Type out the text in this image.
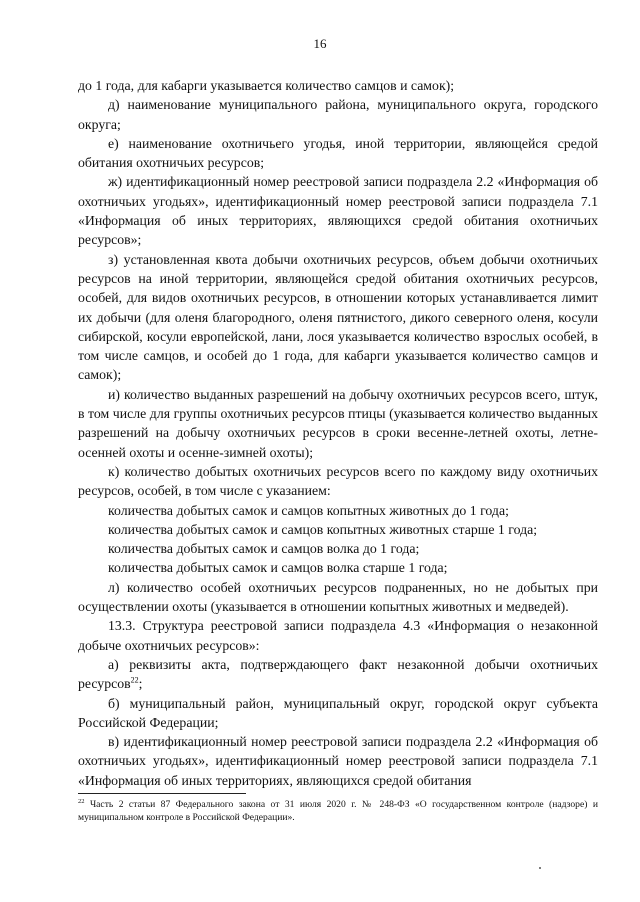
16

до 1 года, для кабарги указывается количество самцов и самок);

д) наименование муниципального района, муниципального округа, городского округа;

е) наименование охотничьего угодья, иной территории, являющейся средой обитания охотничьих ресурсов;

ж) идентификационный номер реестровой записи подраздела 2.2 «Информация об охотничьих угодьях», идентификационный номер реестровой записи подраздела 7.1 «Информация об иных территориях, являющихся средой обитания охотничьих ресурсов»;

з) установленная квота добычи охотничьих ресурсов, объем добычи охотничьих ресурсов на иной территории, являющейся средой обитания охотничьих ресурсов, особей, для видов охотничьих ресурсов, в отношении которых устанавливается лимит их добычи (для оленя благородного, оленя пятнистого, дикого северного оленя, косули сибирской, косули европейской, лани, лося указывается количество взрослых особей, в том числе самцов, и особей до 1 года, для кабарги указывается количество самцов и самок);

и) количество выданных разрешений на добычу охотничьих ресурсов всего, штук, в том числе для группы охотничьих ресурсов птицы (указывается количество выданных разрешений на добычу охотничьих ресурсов в сроки весенне-летней охоты, летне-осенней охоты и осенне-зимней охоты);

к) количество добытых охотничьих ресурсов всего по каждому виду охотничьих ресурсов, особей, в том числе с указанием:

количества добытых самок и самцов копытных животных до 1 года;

количества добытых самок и самцов копытных животных старше 1 года;

количества добытых самок и самцов волка до 1 года;

количества добытых самок и самцов волка старше 1 года;

л) количество особей охотничьих ресурсов подраненных, но не добытых при осуществлении охоты (указывается в отношении копытных животных и медведей).

13.3. Структура реестровой записи подраздела 4.3 «Информация о незаконной добыче охотничьих ресурсов»:

а) реквизиты акта, подтверждающего факт незаконной добычи охотничьих ресурсов$^{22}$;

б) муниципальный район, муниципальный округ, городской округ субъекта Российской Федерации;

в) идентификационный номер реестровой записи подраздела 2.2 «Информация об охотничьих угодьях», идентификационный номер реестровой записи подраздела 7.1 «Информация об иных территориях, являющихся средой обитания

$^{22}$ Часть 2 статьи 87 Федерального закона от 31 июля 2020 г. № 248-ФЗ «О государственном контроле (надзоре) и муниципальном контроле в Российской Федерации».
